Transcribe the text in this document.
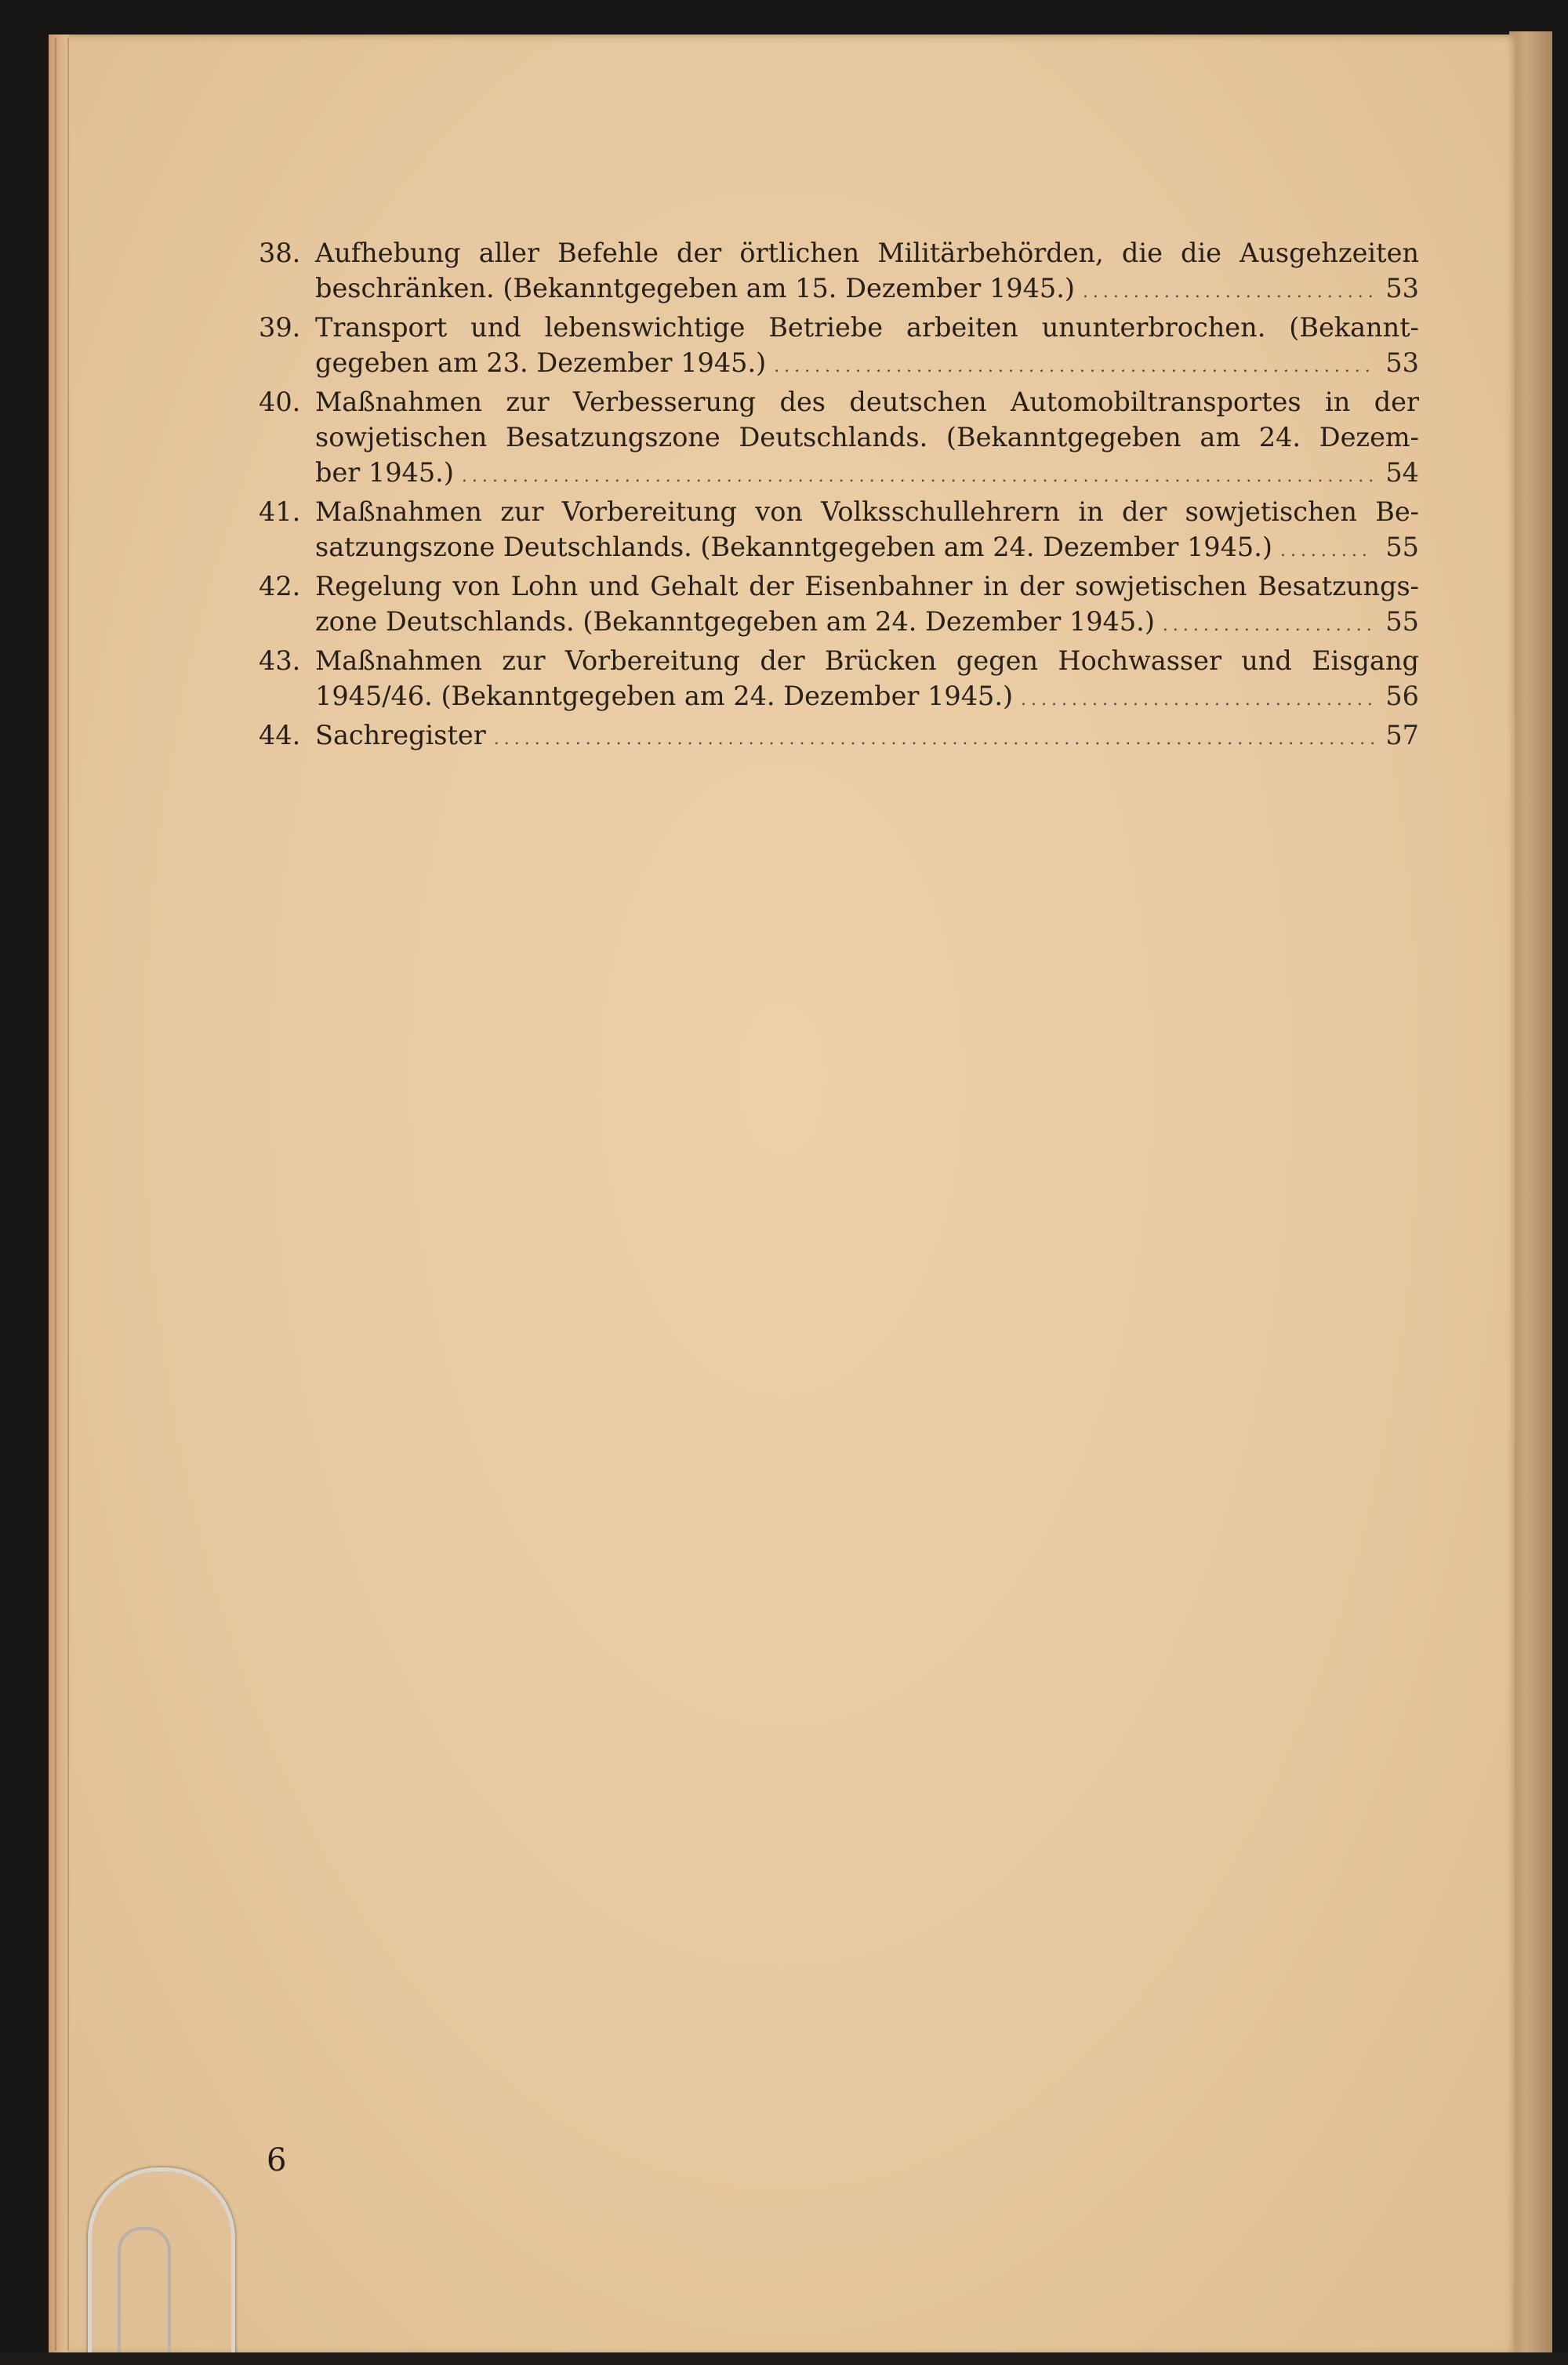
38. Aufhebung aller Befehle der örtlichen Militärbehörden, die die Ausgehzeiten
beschränken. (Bekanntgegeben am 15. Dezember 1945.) .....	53
39. Transport und lebenswichtige Betriebe arbeiten ununterbrochen. (Bekannt-
gegeben am 23. Dezember 1945.) .....	53
40. Maßnahmen zur Verbesserung des deutschen Automobiltransportes in der
sowjetischen Besatzungszone Deutschlands. (Bekanntgegeben am 24. Dezem-
ber 1945.) .....	54
41. Maßnahmen zur Vorbereitung von Volksschullehrern in der sowjetischen Be-
satzungszone Deutschlands. (Bekanntgegeben am 24. Dezember 1945.) .....	55
42. Regelung von Lohn und Gehalt der Eisenbahner in der sowjetischen Besatzungs-
zone Deutschlands. (Bekanntgegeben am 24. Dezember 1945.) .....	55
43. Maßnahmen zur Vorbereitung der Brücken gegen Hochwasser und Eisgang
1945/46. (Bekanntgegeben am 24. Dezember 1945.) .....	56
44. Sachregister .....	57
6
